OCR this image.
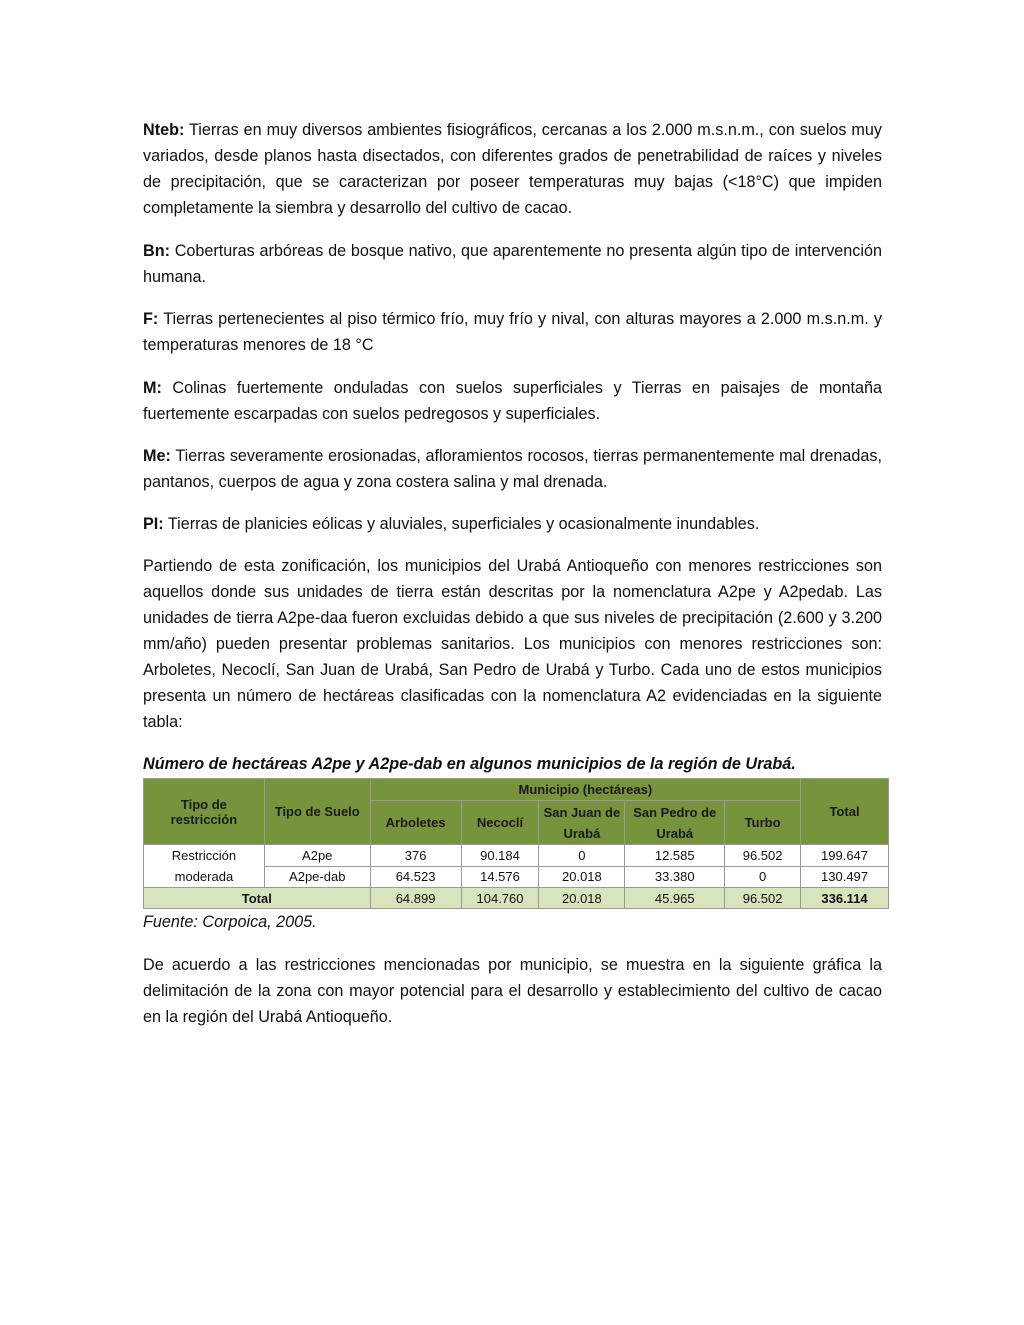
Nteb: Tierras en muy diversos ambientes fisiográficos, cercanas a los 2.000 m.s.n.m., con suelos muy variados, desde planos hasta disectados, con diferentes grados de penetrabilidad de raíces y niveles de precipitación, que se caracterizan por poseer temperaturas muy bajas (<18°C) que impiden completamente la siembra y desarrollo del cultivo de cacao.

Bn: Coberturas arbóreas de bosque nativo, que aparentemente no presenta algún tipo de intervención humana.

F: Tierras pertenecientes al piso térmico frío, muy frío y nival, con alturas mayores a 2.000 m.s.n.m. y temperaturas menores de 18 °C

M: Colinas fuertemente onduladas con suelos superficiales y Tierras en paisajes de montaña fuertemente escarpadas con suelos pedregosos y superficiales.

Me: Tierras severamente erosionadas, afloramientos rocosos, tierras permanentemente mal drenadas, pantanos, cuerpos de agua y zona costera salina y mal drenada.

PI: Tierras de planicies eólicas y aluviales, superficiales y ocasionalmente inundables.

Partiendo de esta zonificación, los municipios del Urabá Antioqueño con menores restricciones son aquellos donde sus unidades de tierra están descritas por la nomenclatura A2pe y A2pedab. Las unidades de tierra A2pe-daa fueron excluidas debido a que sus niveles de precipitación (2.600 y 3.200 mm/año) pueden presentar problemas sanitarios. Los municipios con menores restricciones son: Arboletes, Necoclí, San Juan de Urabá, San Pedro de Urabá y Turbo. Cada uno de estos municipios presenta un número de hectáreas clasificadas con la nomenclatura A2 evidenciadas en la siguiente tabla:

Número de hectáreas A2pe y A2pe-dab en algunos municipios de la región de Urabá.
Tipo de restricción	Tipo de Suelo	Municipio (hectáreas)					Total
		Arboletes	Necoclí	San Juan de Urabá	San Pedro de Urabá	Turbo	
Restricción moderada	A2pe	376	90.184	0	12.585	96.502	199.647
	A2pe-dab	64.523	14.576	20.018	33.380	0	130.497
Total		64.899	104.760	20.018	45.965	96.502	336.114
Fuente: Corpoica, 2005.

De acuerdo a las restricciones mencionadas por municipio, se muestra en la siguiente gráfica la delimitación de la zona con mayor potencial para el desarrollo y establecimiento del cultivo de cacao en la región del Urabá Antioqueño.
